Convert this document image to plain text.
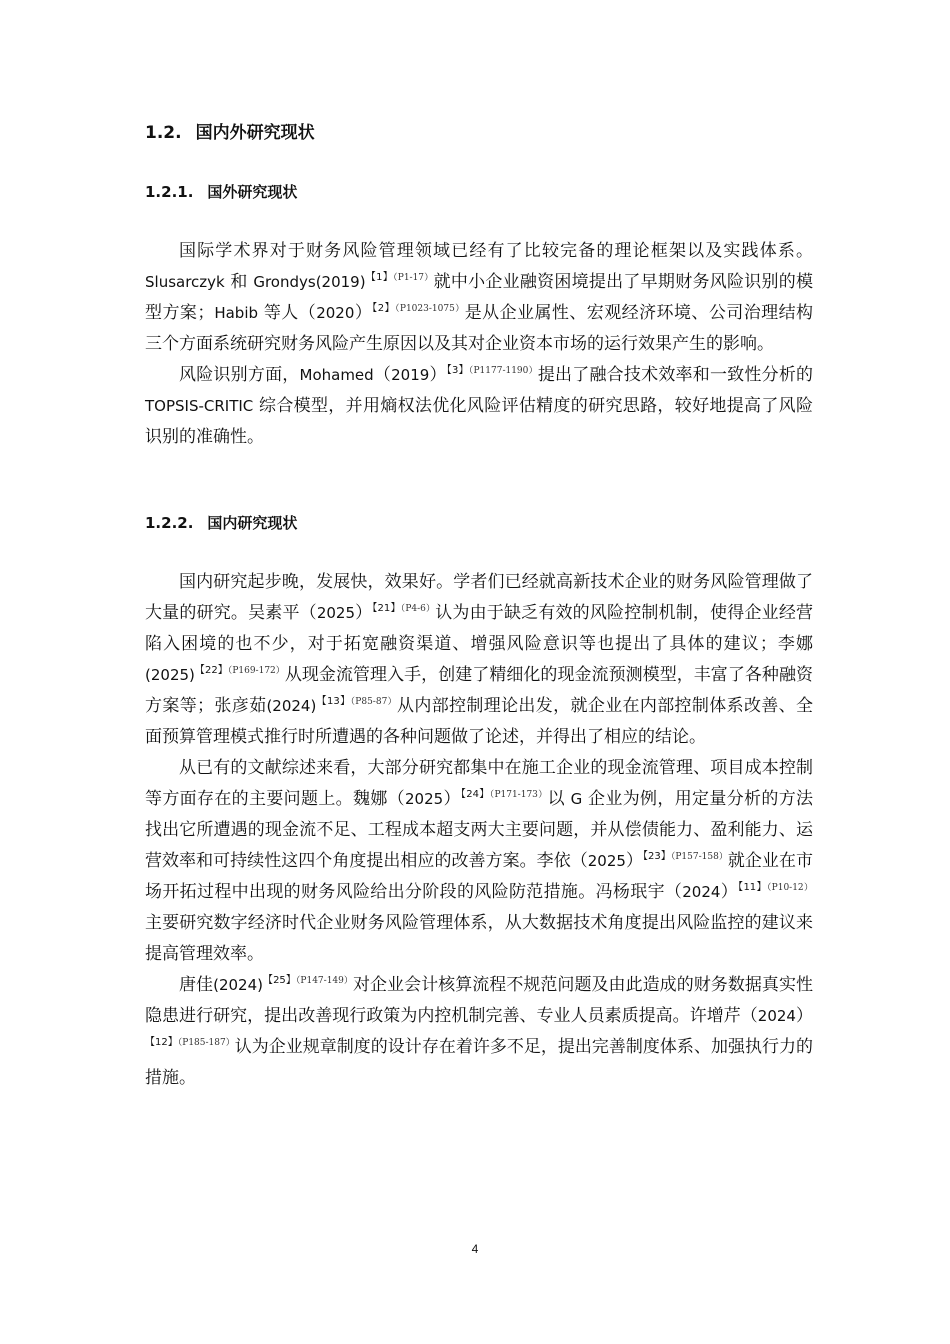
1.2. 国内外研究现状
1.2.1. 国外研究现状

国际学术界对于财务风险管理领域已经有了比较完备的理论框架以及实践体系。Slusarczyk 和 Grondys(2019)$^{【1】(P1-17)}$就中小企业融资困境提出了早期财务风险识别的模型方案；Habib 等人（2020）$^{【2】(P1023-1075)}$是从企业属性、宏观经济环境、公司治理结构三个方面系统研究财务风险产生原因以及其对企业资本市场的运行效果产生的影响。

风险识别方面，Mohamed（2019）$^{【3】(P1177-1190)}$提出了融合技术效率和一致性分析的 TOPSIS-CRITIC 综合模型，并用熵权法优化风险评估精度的研究思路，较好地提高了风险识别的准确性。

1.2.2. 国内研究现状

国内研究起步晚，发展快，效果好。学者们已经就高新技术企业的财务风险管理做了大量的研究。吴素平（2025）$^{【21】(P4-6)}$认为由于缺乏有效的风险控制机制，使得企业经营陷入困境的也不少，对于拓宽融资渠道、增强风险意识等也提出了具体的建议；李娜(2025)$^{【22】(P169-172)}$从现金流管理入手，创建了精细化的现金流预测模型，丰富了各种融资方案等；张彦茹(2024)$^{【13】(P85-87)}$从内部控制理论出发，就企业在内部控制体系改善、全面预算管理模式推行时所遭遇的各种问题做了论述，并得出了相应的结论。

从已有的文献综述来看，大部分研究都集中在施工企业的现金流管理、项目成本控制等方面存在的主要问题上。魏娜（2025）$^{【24】(P171-173)}$以 G 企业为例，用定量分析的方法找出它所遭遇的现金流不足、工程成本超支两大主要问题，并从偿债能力、盈利能力、运营效率和可持续性这四个角度提出相应的改善方案。李依（2025）$^{【23】(P157-158)}$就企业在市场开拓过程中出现的财务风险给出分阶段的风险防范措施。冯杨珉宇（2024）$^{【11】(P10-12)}$主要研究数字经济时代企业财务风险管理体系，从大数据技术角度提出风险监控的建议来提高管理效率。

唐佳(2024)$^{【25】(P147-149)}$对企业会计核算流程不规范问题及由此造成的财务数据真实性隐患进行研究，提出改善现行政策为内控机制完善、专业人员素质提高。许增芹（2024）$^{【12】(P185-187)}$认为企业规章制度的设计存在着许多不足，提出完善制度体系、加强执行力的措施。

4
